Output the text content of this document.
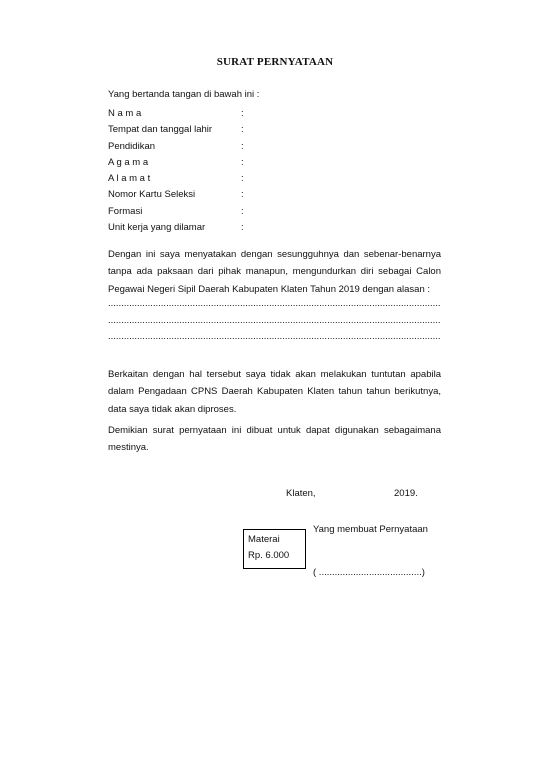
SURAT PERNYATAAN
Yang bertanda tangan di bawah ini :
N a m a	:
Tempat dan tanggal lahir	:
Pendidikan	:
A g a m a	:
A l a m a t	:
Nomor Kartu Seleksi	:
Formasi	:
Unit kerja yang dilamar	:

Dengan ini saya menyatakan dengan sesungguhnya dan sebenar-benarnya tanpa ada paksaan dari pihak manapun, mengundurkan diri sebagai Calon Pegawai Negeri Sipil Daerah Kabupaten Klaten Tahun 2019 dengan alasan :

..............................................................................................................................
..............................................................................................................................
..............................................................................................................................

Berkaitan dengan hal tersebut saya tidak akan melakukan tuntutan apabila dalam Pengadaan CPNS Daerah Kabupaten Klaten tahun tahun berikutnya, data saya tidak akan diproses.

Demikian surat pernyataan ini dibuat untuk dapat digunakan sebagaimana mestinya.

Klaten,	2019.
Yang membuat Pernyataan
Materai
Rp. 6.000
( .......................................)
